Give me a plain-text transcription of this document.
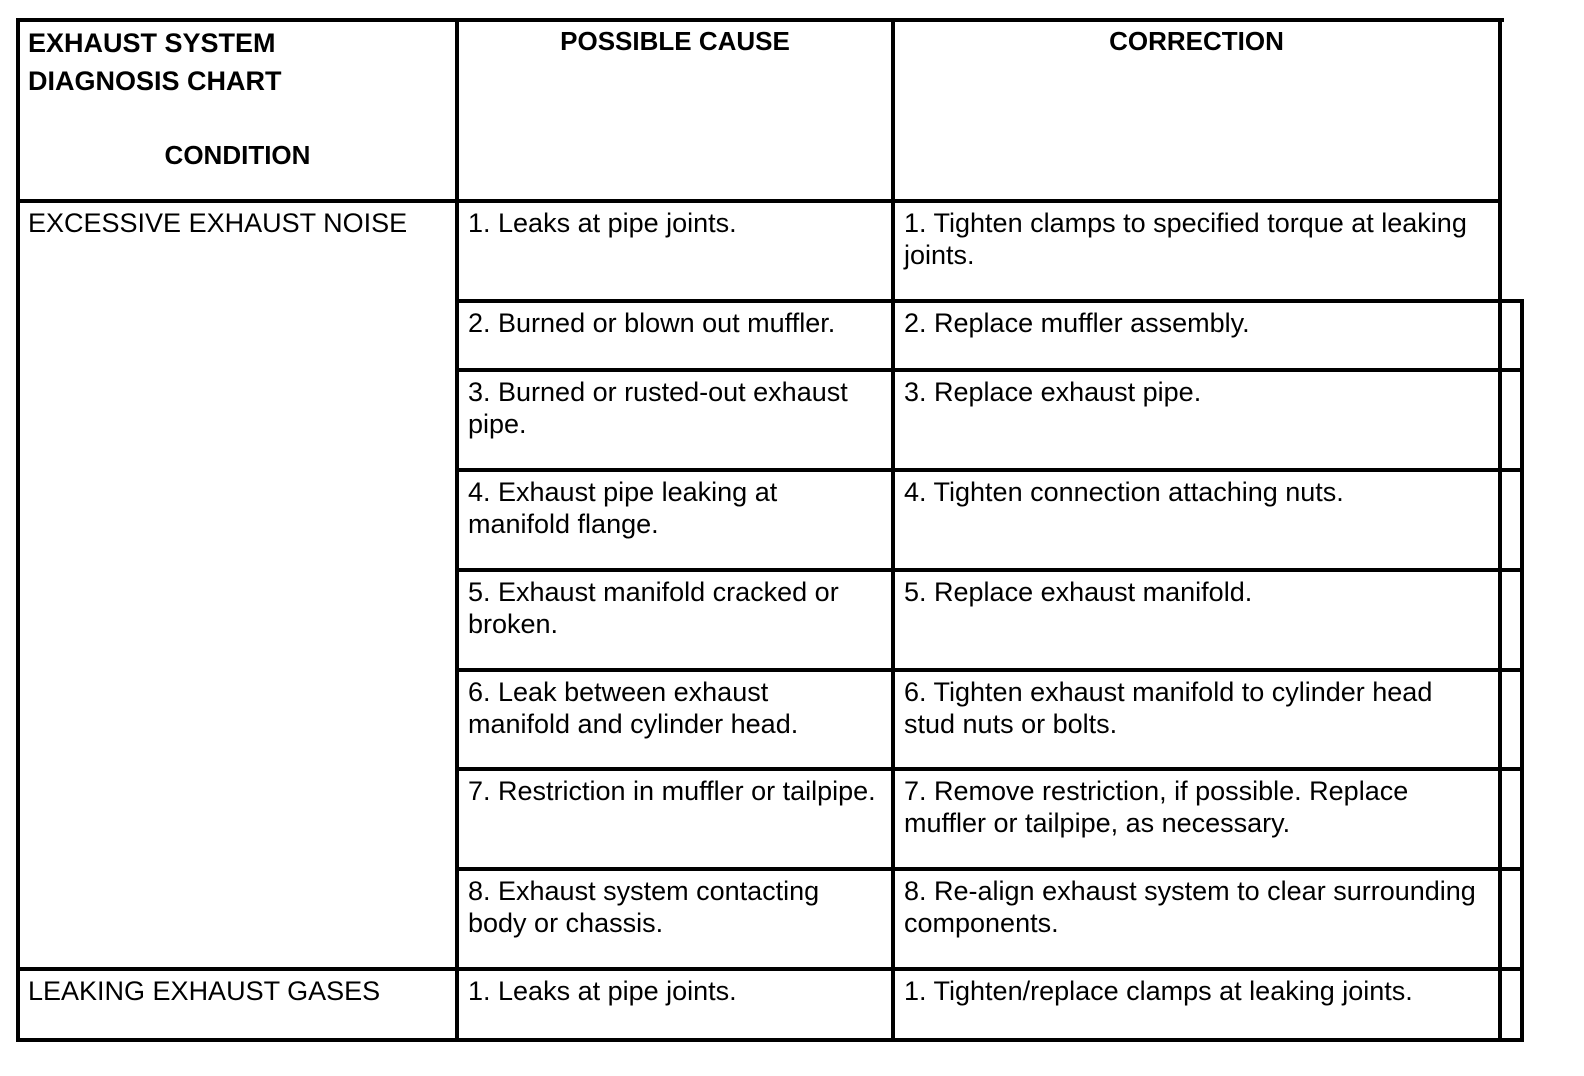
EXHAUST SYSTEM
DIAGNOSIS CHART
CONDITION
POSSIBLE CAUSE	CORRECTION
EXCESSIVE EXHAUST NOISE
LEAKING EXHAUST GASES
1. Leaks at pipe joints.
2. Burned or blown out muffler.
3. Burned or rusted-out exhaust pipe.
4. Exhaust pipe leaking at manifold flange.
5. Exhaust manifold cracked or broken.
6. Leak between exhaust manifold and cylinder head.
7. Restriction in muffler or tailpipe.
8. Exhaust system contacting body or chassis.
1. Leaks at pipe joints.
1. Tighten clamps to specified torque at leaking joints.
2. Replace muffler assembly.
3. Replace exhaust pipe.
4. Tighten connection attaching nuts.
5. Replace exhaust manifold.
6. Tighten exhaust manifold to cylinder head stud nuts or bolts.
7. Remove restriction, if possible. Replace muffler or tailpipe, as necessary.
8. Re-align exhaust system to clear surrounding components.
1. Tighten/replace clamps at leaking joints.
